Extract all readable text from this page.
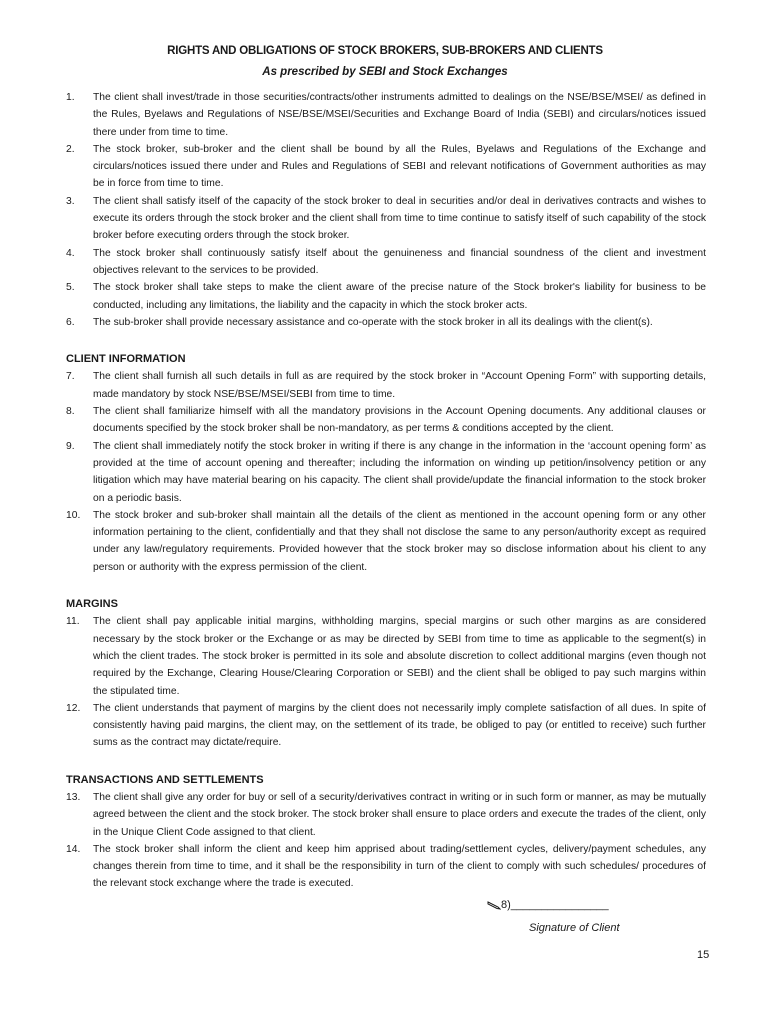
RIGHTS AND OBLIGATIONS OF STOCK BROKERS, SUB-BROKERS AND CLIENTS
As prescribed by SEBI and Stock Exchanges
1.	The client shall invest/trade in those securities/contracts/other instruments admitted to dealings on the NSE/BSE/MSEI/ as defined in the Rules, Byelaws and Regulations of NSE/BSE/MSEI/Securities and Exchange Board of India (SEBI) and circulars/notices issued there under from time to time.
2.	The stock broker, sub-broker and the client shall be bound by all the Rules, Byelaws and Regulations of the Exchange and circulars/notices issued there under and Rules and Regulations of SEBI and relevant notifications of Government authorities as may be in force from time to time.
3.	The client shall satisfy itself of the capacity of the stock broker to deal in securities and/or deal in derivatives contracts and wishes to execute its orders through the stock broker and the client shall from time to time continue to satisfy itself of such capability of the stock broker before executing orders through the stock broker.
4.	The stock broker shall continuously satisfy itself about the genuineness and financial soundness of the client and investment objectives relevant to the services to be provided.
5.	The stock broker shall take steps to make the client aware of the precise nature of the Stock broker's liability for business to be conducted, including any limitations, the liability and the capacity in which the stock broker acts.
6.	The sub-broker shall provide necessary assistance and co-operate with the stock broker in all its dealings with the client(s).
CLIENT INFORMATION
7.	The client shall furnish all such details in full as are required by the stock broker in “Account Opening Form” with supporting details, made mandatory by stock NSE/BSE/MSEI/SEBI from time to time.
8.	The client shall familiarize himself with all the mandatory provisions in the Account Opening documents. Any additional clauses or documents specified by the stock broker shall be non-mandatory, as per terms & conditions accepted by the client.
9.	The client shall immediately notify the stock broker in writing if there is any change in the information in the ‘account opening form’ as provided at the time of account opening and thereafter; including the information on winding up petition/insolvency petition or any litigation which may have material bearing on his capacity. The client shall provide/update the financial information to the stock broker on a periodic basis.
10.	The stock broker and sub-broker shall maintain all the details of the client as mentioned in the account opening form or any other information pertaining to the client, confidentially and that they shall not disclose the same to any person/authority except as required under any law/regulatory requirements. Provided however that the stock broker may so disclose information about his client to any person or authority with the express permission of the client.
MARGINS
11.	The client shall pay applicable initial margins, withholding margins, special margins or such other margins as are considered necessary by the stock broker or the Exchange or as may be directed by SEBI from time to time as applicable to the segment(s) in which the client trades. The stock broker is permitted in its sole and absolute discretion to collect additional margins (even though not required by the Exchange, Clearing House/Clearing Corporation or SEBI) and the client shall be obliged to pay such margins within the stipulated time.
12.	The client understands that payment of margins by the client does not necessarily imply complete satisfaction of all dues. In spite of consistently having paid margins, the client may, on the settlement of its trade, be obliged to pay (or entitled to receive) such further sums as the contract may dictate/require.
TRANSACTIONS AND SETTLEMENTS
13.	The client shall give any order for buy or sell of a security/derivatives contract in writing or in such form or manner, as may be mutually agreed between the client and the stock broker. The stock broker shall ensure to place orders and execute the trades of the client, only in the Unique Client Code assigned to that client.
14.	The stock broker shall inform the client and keep him apprised about trading/settlement cycles, delivery/payment schedules, any changes therein from time to time, and it shall be the responsibility in turn of the client to comply with such schedules/ procedures of the relevant stock exchange where the trade is executed.
8)________________
Signature of Client
15
